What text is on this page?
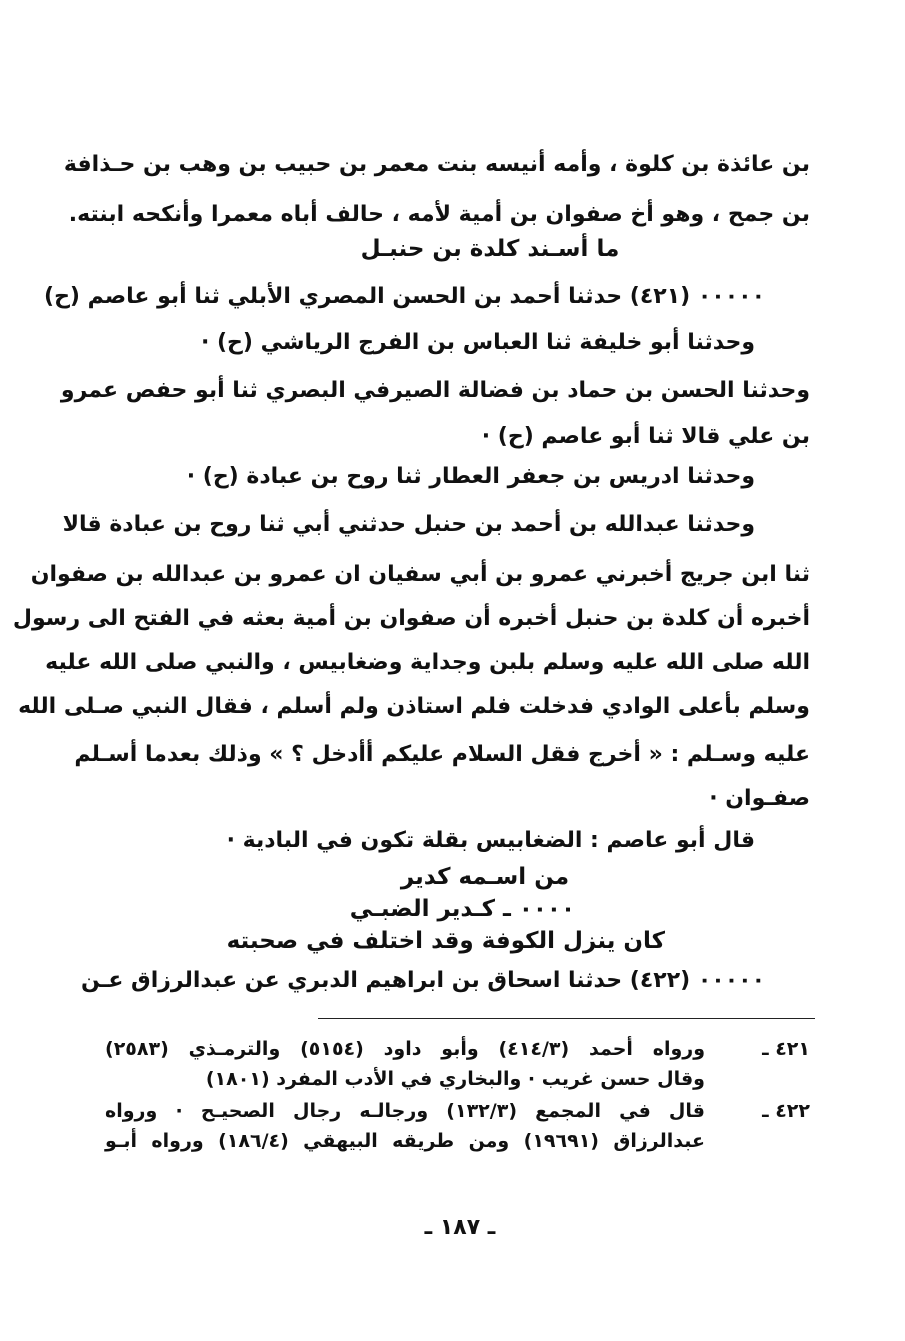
بن عائذة بن كلوة ، وأمه أنيسه بنت معمر بن حبيب بن وهب بن حـذافة
بن جمح ، وهو أخ صفوان بن أمية لأمه ، حالف أباه معمرا وأنكحه ابنته.
ما أسـند كلدة بن حنبـل
٠٠٠٠٠ (٤٢١) حدثنا أحمد بن الحسن المصري الأبلي ثنا أبو عاصم (ح)
وحدثنا أبو خليفة ثنا العباس بن الفرج الرياشي (ح) ·
وحدثنا الحسن بن حماد بن فضالة الصيرفي البصري ثنا أبو حفص عمرو
بن علي قالا ثنا أبو عاصم (ح) ·
وحدثنا ادريس بن جعفر العطار ثنا روح بن عبادة (ح) ·
وحدثنا عبدالله بن أحمد بن حنبل حدثني أبي ثنا روح بن عبادة قالا
ثنا ابن جريج أخبرني عمرو بن أبي سفيان ان عمرو بن عبدالله بن صفوان
أخبره أن كلدة بن حنبل أخبره أن صفوان بن أمية بعثه في الفتح الى رسول
الله صلى الله عليه وسلم بلبن وجداية وضغابيس ، والنبي صلى الله عليه
وسلم بأعلى الوادي فدخلت فلم استاذن ولم أسلم ، فقال النبي صـلى الله
عليه وسـلم : « أخرج فقل السلام عليكم أأدخل ؟ » وذلك بعدما أسـلم
صفـوان ·
قال أبو عاصم : الضغابيس بقلة تكون في البادية ·
من اسـمه كدير
٠٠٠٠ ـ كـدير الضبـي
كان ينزل الكوفة وقد اختلف في صحبته
٠٠٠٠٠ (٤٢٢) حدثنا اسحاق بن ابراهيم الدبري عن عبدالرزاق عـن
٤٢١ ـ
ورواه أحمد (٤١٤/٣) وأبو داود (٥١٥٤) والترمـذي (٢٥٨٣)
وقال حسن غريب · والبخاري في الأدب المفرد (١٨٠١)
٤٢٢ ـ
قال في المجمع (١٣٢/٣) ورجالـه رجال الصحيـح · ورواه
عبدالرزاق (١٩٦٩١) ومن طريقه البيهقي (١٨٦/٤) ورواه أبـو
ـ ١٨٧ ـ
